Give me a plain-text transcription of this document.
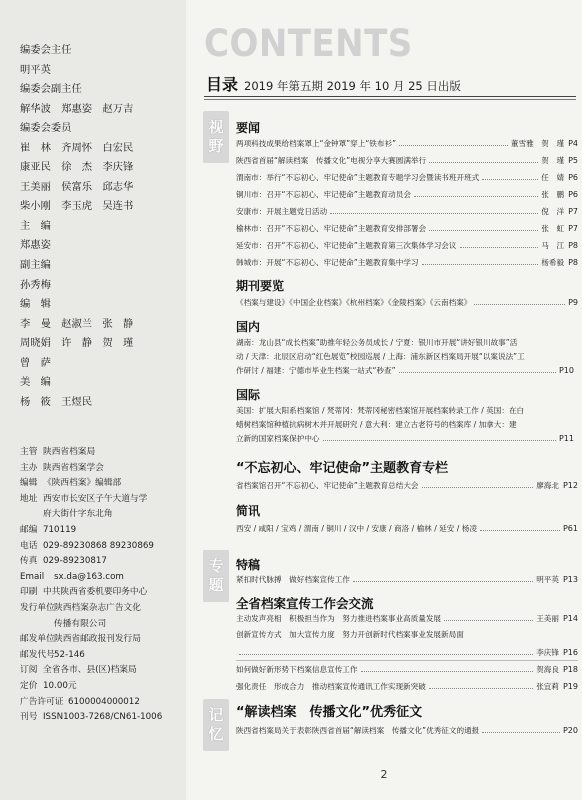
编委会主任
明平英
编委会副主任
解华波　郑惠姿　赵万吉
编委会委员
崔　林　齐周怀　白宏民
康亚民　徐　杰　李庆锋
王美丽　侯富乐　邱志华
柴小刚　李玉虎　吴连书
主　编
郑惠姿
副主编
孙秀梅
编　辑
李　曼　赵淑兰　张　静
周晓娟　许　静　贺　瑾
曾　萨
美　编
杨　筱　王煜民
主管 陕西省档案局
主办 陕西省档案学会
编辑 《陕西档案》编辑部
地址 西安市长安区子午大道与学
府大街什字东北角
邮编 710119
电话 029-89230868 89230869
传真 029-89230817
Email	sx.da@163.com
印刷 中共陕西省委机要印务中心
发行单位 陕西档案杂志广告文化
传播有限公司
邮发单位 陕西省邮政报刊发行局
邮发代号 52-146
订阅 全省各市、县(区)档案局
定价 10.00元
广告许可证 6100004000012
刊号 ISSN1003-7268/CN61-1006
CONTENTS
目录 2019 年第五期 2019 年 10 月 25 日出版
视
野
要闻
两项科技成果给档案罩上“金钟罩”穿上“铁布衫”	董雪雅　贺　瑾 P4
陕西省首届“解读档案　传播文化”电视分享大赛圆满举行	贺　瑾 P5
渭南市：举行“不忘初心、牢记使命”主题教育专题学习会暨读书班开班式	任　婧 P6
铜川市：召开“不忘初心、牢记使命”主题教育动员会	张　鹏 P6
安康市：开展主题党日活动	倪　洋 P7
榆林市：召开“不忘初心、牢记使命”主题教育安排部署会	张　虹 P7
延安市：召开“不忘初心、牢记使命”主题教育第三次集体学习会议	马　江 P8
韩城市：开展“不忘初心、牢记使命”主题教育集中学习	杨希毅 P8
期刊要览
《档案与建设》《中国企业档案》《杭州档案》《金陵档案》《云南档案》	P9
国内
湖南：龙山县“成长档案”助推年轻公务员成长 / 宁夏：银川市开展“讲好银川故事”活
动 / 天津：北辰区启动“红色展览”校园巡展 / 上海：浦东新区档案局开展“以案说法”工
作研讨 / 福建：宁德市毕业生档案一站式“秒查”	P10
国际
美国：扩展大阳系档案馆 / 梵蒂冈：梵蒂冈秘密档案馆开展档案转录工作 / 英国：在白
蜡树档案馆种植抗病树木并开展研究 / 意大利：建立古老符号的档案库 / 加拿大：建
立新的国家档案保护中心	P11
“不忘初心、牢记使命”主题教育专栏
省档案馆召开“不忘初心、牢记使命”主题教育总结大会	廖海北 P12
简讯
西安 / 咸阳 / 宝鸡 / 渭南 / 铜川 / 汉中 / 安康 / 商洛 / 榆林 / 延安 / 杨凌	P61
专
题
特稿
紧扣时代脉搏　做好档案宣传工作	明平英 P13
全省档案宣传工作会交流
主动发声亮相　积极担当作为　努力推进档案事业高质量发展	王美丽 P14
创新宣传方式　加大宣传力度　努力开创新时代档案事业发展新局面
李庆锋 P16
如何做好新形势下档案信息宣传工作	贺海良 P18
强化责任　形成合力　推动档案宣传通讯工作实现新突破	张宜莉 P19
记
忆
“解读档案　传播文化”优秀征文
陕西省档案局关于表彰陕西省首届“解读档案　传播文化”优秀征文的通报	P20
2
